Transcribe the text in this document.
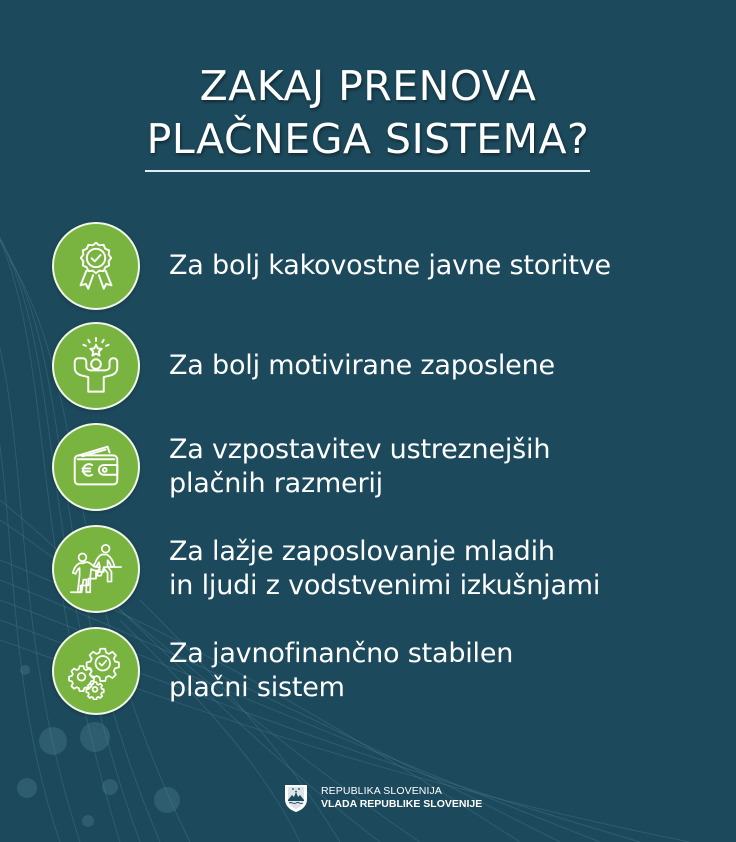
ZAKAJ PRENOVA
PLAČNEGA SISTEMA?
Za bolj kakovostne javne storitve
Za bolj motivirane zaposlene
Za vzpostavitev ustreznejših
plačnih razmerij
Za lažje zaposlovanje mladih
in ljudi z vodstvenimi izkušnjami
Za javnofinančno stabilen
plačni sistem
REPUBLIKA SLOVENIJA
VLADA REPUBLIKE SLOVENIJE
